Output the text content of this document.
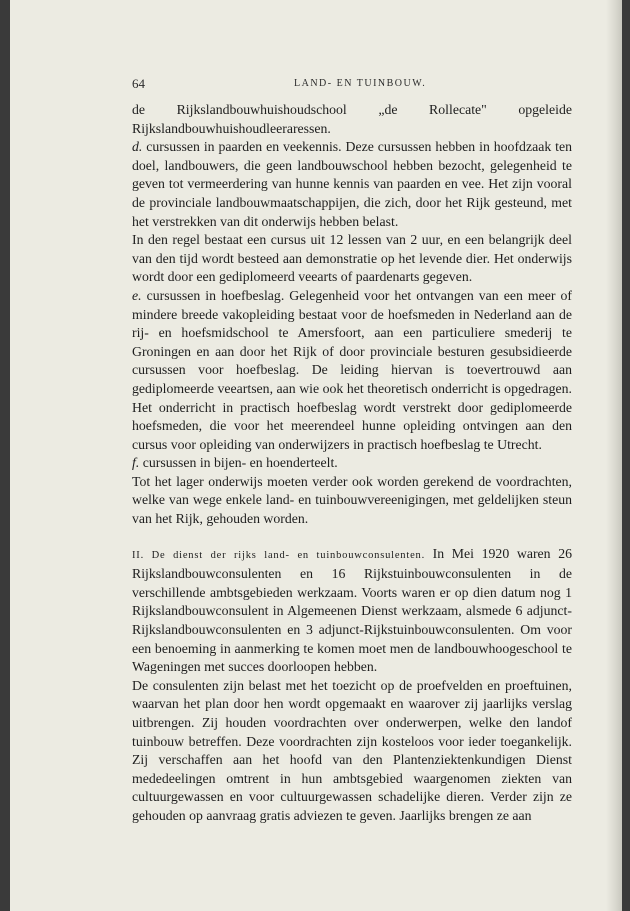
64	LAND- EN TUINBOUW.

de Rijkslandbouwhuishoudschool „de Rollecate" opgeleide Rijkslandbouwhuishoudleeraressen.

d. cursussen in paarden en veekennis. Deze cursussen hebben in hoofdzaak ten doel, landbouwers, die geen landbouwschool hebben bezocht, gelegenheid te geven tot vermeerdering van hunne kennis van paarden en vee. Het zijn vooral de provinciale landbouwmaatschappijen, die zich, door het Rijk gesteund, met het verstrekken van dit onderwijs hebben belast.

In den regel bestaat een cursus uit 12 lessen van 2 uur, en een belangrijk deel van den tijd wordt besteed aan demonstratie op het levende dier. Het onderwijs wordt door een gediplomeerd veearts of paardenarts gegeven.

e. cursussen in hoefbeslag. Gelegenheid voor het ontvangen van een meer of mindere breede vakopleiding bestaat voor de hoefsmeden in Nederland aan de rij- en hoefsmidschool te Amersfoort, aan een particuliere smederij te Groningen en aan door het Rijk of door provinciale besturen gesubsidieerde cursussen voor hoefbeslag. De leiding hiervan is toevertrouwd aan gediplomeerde veeartsen, aan wie ook het theoretisch onderricht is opgedragen. Het onderricht in practisch hoefbeslag wordt verstrekt door gediplomeerde hoefsmeden, die voor het meerendeel hunne opleiding ontvingen aan den cursus voor opleiding van onderwijzers in practisch hoefbeslag te Utrecht.

f. cursussen in bijen- en hoenderteelt.

Tot het lager onderwijs moeten verder ook worden gerekend de voordrachten, welke van wege enkele land- en tuinbouwvereenigingen, met geldelijken steun van het Rijk, gehouden worden.

II. De dienst der rijks land- en tuinbouwconsulenten. In Mei 1920 waren 26 Rijkslandbouwconsulenten en 16 Rijkstuinbouwconsulenten in de verschillende ambtsgebieden werkzaam. Voorts waren er op dien datum nog 1 Rijkslandbouwconsulent in Algemeenen Dienst werkzaam, alsmede 6 adjunct-Rijkslandbouwconsulenten en 3 adjunct-Rijkstuinbouwconsulenten. Om voor een benoeming in aanmerking te komen moet men de landbouwhoogeschool te Wageningen met succes doorloopen hebben.

De consulenten zijn belast met het toezicht op de proefvelden en proeftuinen, waarvan het plan door hen wordt opgemaakt en waarover zij jaarlijks verslag uitbrengen. Zij houden voordrachten over onderwerpen, welke den landof tuinbouw betreffen. Deze voordrachten zijn kosteloos voor ieder toegankelijk. Zij verschaffen aan het hoofd van den Plantenziektenkundigen Dienst mededeelingen omtrent in hun ambtsgebied waargenomen ziekten van cultuurgewassen en voor cultuurgewassen schadelijke dieren. Verder zijn ze gehouden op aanvraag gratis adviezen te geven. Jaarlijks brengen ze aan
